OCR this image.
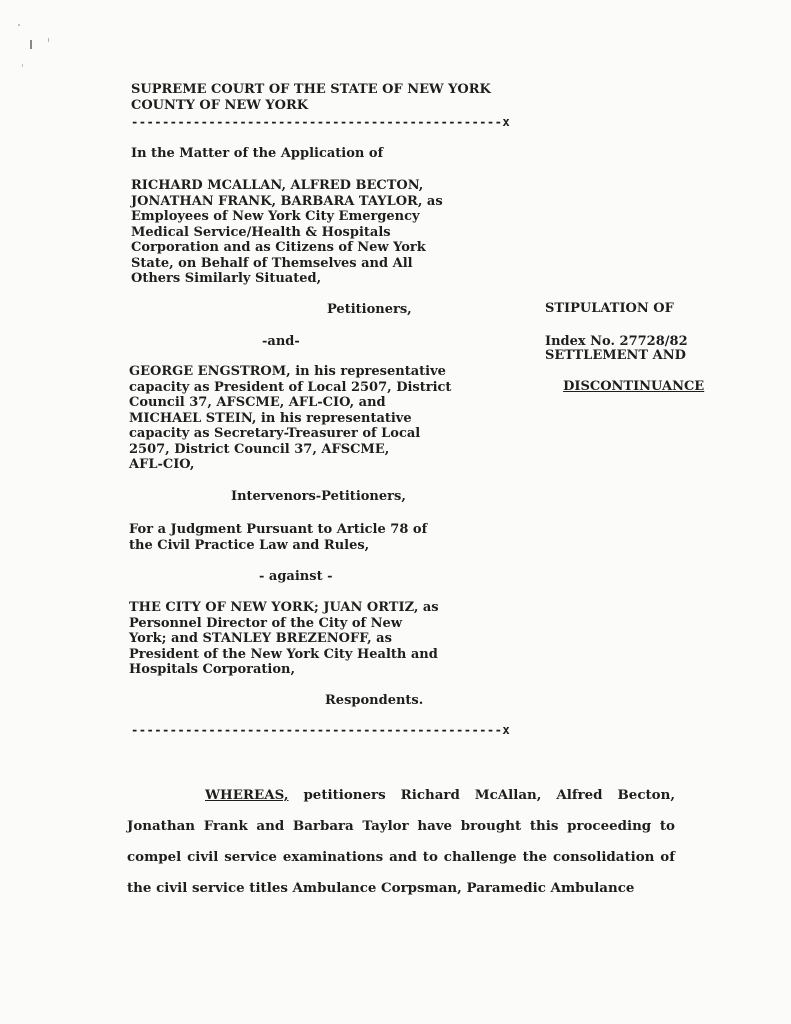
SUPREME COURT OF THE STATE OF NEW YORK
COUNTY OF NEW YORK
------------------------------------------------x
In the Matter of the Application of
RICHARD MCALLAN, ALFRED BECTON,
JONATHAN FRANK, BARBARA TAYLOR, as
Employees of New York City Emergency
Medical Service/Health & Hospitals
Corporation and as Citizens of New York
State, on Behalf of Themselves and All
Others Similarly Situated,
Petitioners,
-and-
GEORGE ENGSTROM, in his representative
capacity as President of Local 2507, District
Council 37, AFSCME, AFL-CIO, and
MICHAEL STEIN, in his representative
capacity as Secretary-Treasurer of Local
2507, District Council 37, AFSCME,
AFL-CIO,
Intervenors-Petitioners,
For a Judgment Pursuant to Article 78 of
the Civil Practice Law and Rules,
- against -
THE CITY OF NEW YORK; JUAN ORTIZ, as
Personnel Director of the City of New
York; and STANLEY BREZENOFF, as
President of the New York City Health and
Hospitals Corporation,
Respondents.
------------------------------------------------x

STIPULATION OF

SETTLEMENT AND

DISCONTINUANCE

Index No. 27728/82
WHEREAS, petitioners Richard McAllan, Alfred Becton, Jonathan Frank and Barbara Taylor have brought this proceeding to compel civil service examinations and to challenge the consolidation of the civil service titles Ambulance Corpsman, Paramedic Ambulance
